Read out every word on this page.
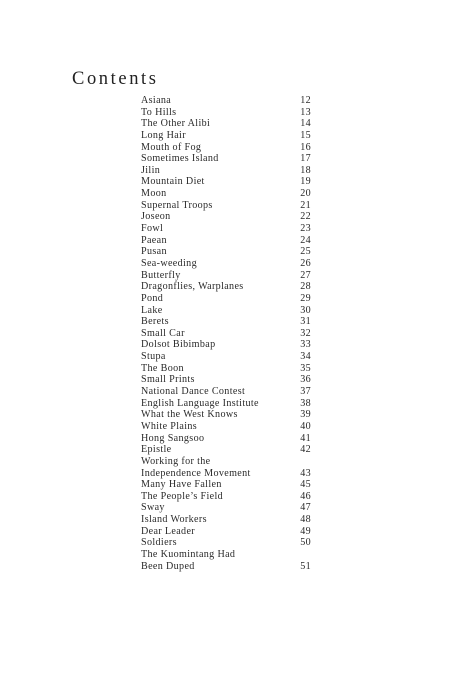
Contents
Asiana	12
To Hills	13
The Other Alibi	14
Long Hair	15
Mouth of Fog	16
Sometimes Island	17
Jilin	18
Mountain Diet	19
Moon	20
Supernal Troops	21
Joseon	22
Fowl	23
Paean	24
Pusan	25
Sea-weeding	26
Butterfly	27
Dragonflies, Warplanes	28
Pond	29
Lake	30
Berets	31
Small Car	32
Dolsot Bibimbap	33
Stupa	34
The Boon	35
Small Prints	36
National Dance Contest	37
English Language Institute	38
What the West Knows	39
White Plains	40
Hong Sangsoo	41
Epistle	42
Working for the
Independence Movement	43
Many Have Fallen	45
The People’s Field	46
Sway	47
Island Workers	48
Dear Leader	49
Soldiers	50
The Kuomintang Had
Been Duped	51
